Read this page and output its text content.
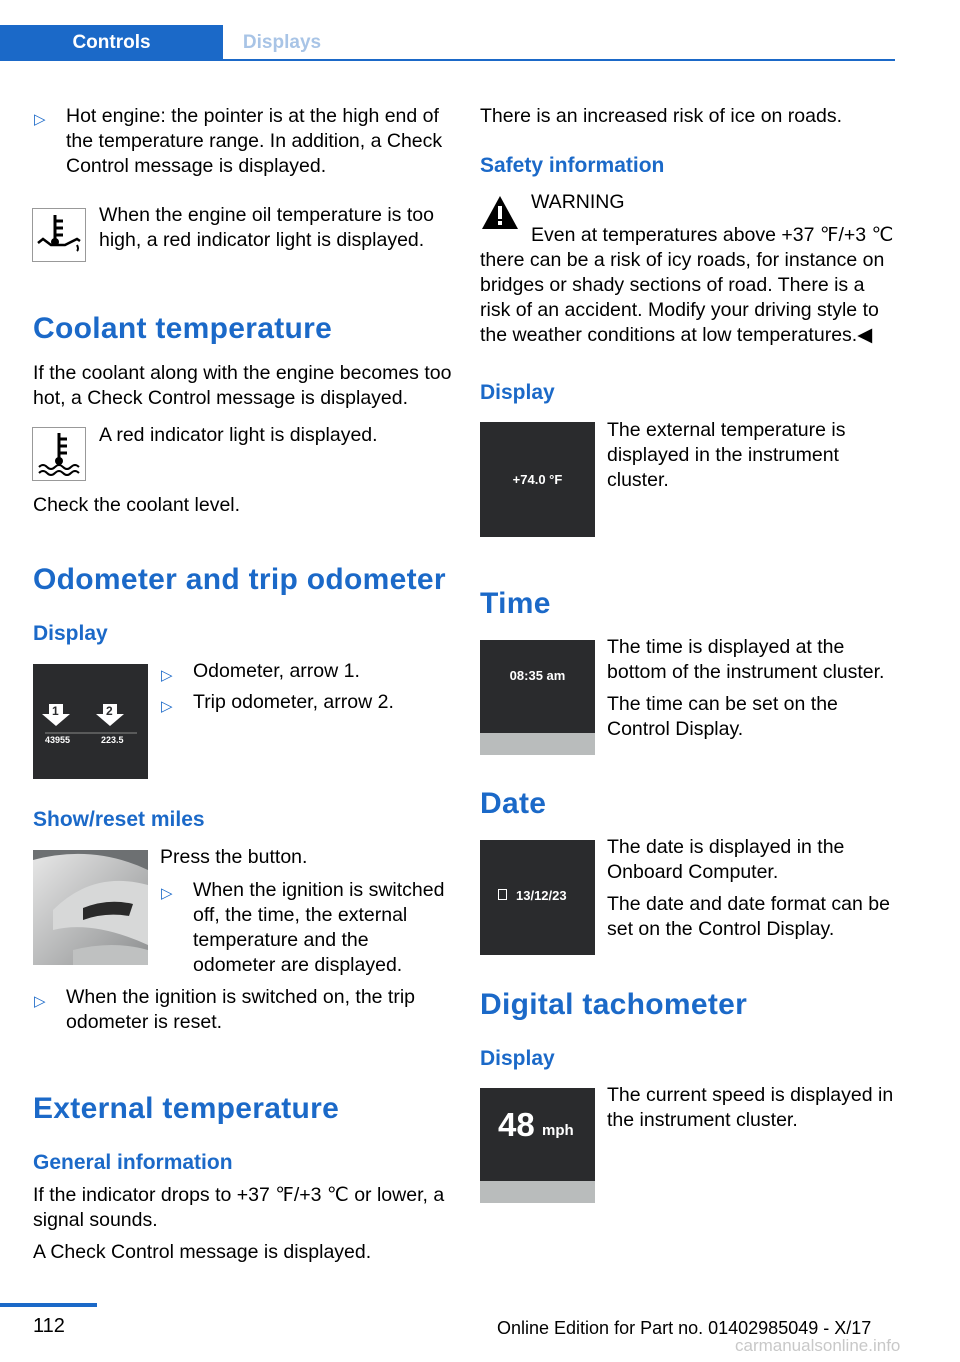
Controls	Displays
▷ Hot engine: the pointer is at the high end of the temperature range. In addition, a Check Control message is displayed.

When the engine oil temperature is too high, a red indicator light is displayed.

Coolant temperature

If the coolant along with the engine becomes too hot, a Check Control message is displayed.

A red indicator light is displayed.

Check the coolant level.

Odometer and trip odometer
Display
1	2
43955	223.5
▷ Odometer, arrow 1.

▷ Trip odometer, arrow 2.

Show/reset miles

Press the button.

▷ When the ignition is switched off, the time, the external temperature and the odometer are displayed.

▷ When the ignition is switched on, the trip odometer is reset.

External temperature
General information

If the indicator drops to +37 ℉/+3 ℃ or lower, a signal sounds.

A Check Control message is displayed.

There is an increased risk of ice on roads.

Safety information

WARNING

Even at temperatures above +37 ℉/+3 ℃ there can be a risk of icy roads, for instance on bridges or shady sections of road. There is a risk of an accident. Modify your driving style to the weather conditions at low temperatures.◀

Display
+74.0 °F

The external temperature is displayed in the instrument cluster.

Time
08:35 am

The time is displayed at the bottom of the instrument cluster.

The time can be set on the Control Display.

Date
13/12/23

The date is displayed in the Onboard Computer.

The date and date format can be set on the Control Display.

Digital tachometer
Display
48 mph

The current speed is displayed in the instrument cluster.

112	Online Edition for Part no. 01402985049 - X/17
carmanualsonline.info
